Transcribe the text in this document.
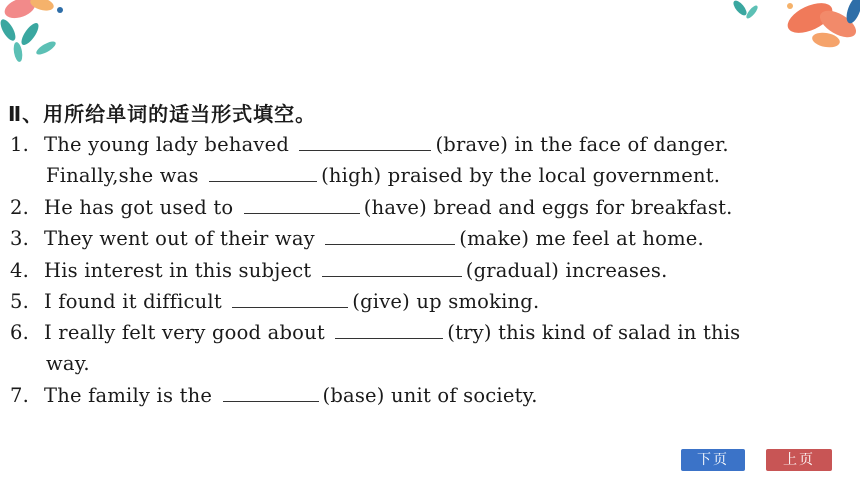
Ⅱ、用所给单词的适当形式填空。
1. The young lady behaved	(brave) in the face of danger.
Finally,she was	(high) praised by the local government.
2. He has got used to	(have) bread and eggs for breakfast.
3. They went out of their way	(make) me feel at home.
4. His interest in this subject	(gradual) increases.
5. I found it difficult	(give) up smoking.
6. I really felt very good about	(try) this kind of salad in this
way.
7. The family is the	(base) unit of society.
下页	上页
